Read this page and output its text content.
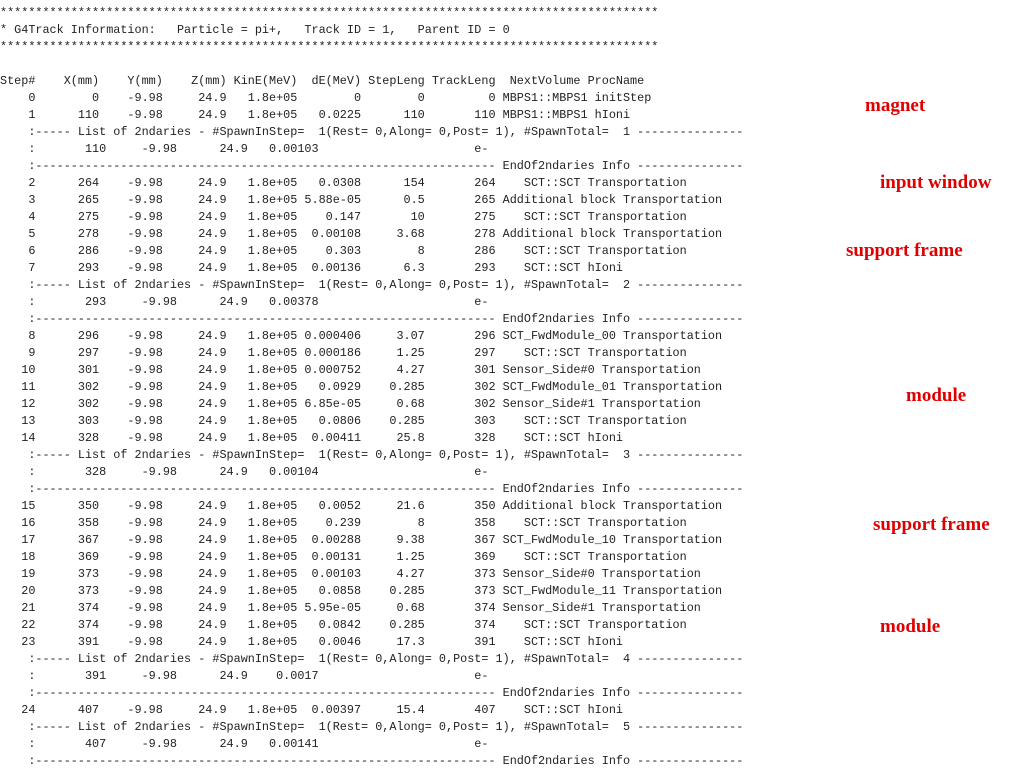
*********************************************************************************************
* G4Track Information:   Particle = pi+,   Track ID = 1,   Parent ID = 0
*********************************************************************************************
Step#    X(mm)    Y(mm)    Z(mm) KinE(MeV)  dE(MeV) StepLeng TrackLeng  NextVolume ProcName
0        0    -9.98     24.9   1.8e+05        0        0         0 MBPS1::MBPS1 initStep
1      110    -9.98     24.9   1.8e+05   0.0225      110       110 MBPS1::MBPS1 hIoni
:----- List of 2ndaries - #SpawnInStep=  1(Rest= 0,Along= 0,Post= 1), #SpawnTotal=  1 ---------------
:       110     -9.98      24.9   0.00103                      e-
:----------------------------------------------------------------- EndOf2ndaries Info ---------------
2      264    -9.98     24.9   1.8e+05   0.0308      154       264    SCT::SCT Transportation
3      265    -9.98     24.9   1.8e+05 5.88e-05      0.5       265 Additional block Transportation
4      275    -9.98     24.9   1.8e+05    0.147       10       275    SCT::SCT Transportation
5      278    -9.98     24.9   1.8e+05  0.00108     3.68       278 Additional block Transportation
6      286    -9.98     24.9   1.8e+05    0.303        8       286    SCT::SCT Transportation
7      293    -9.98     24.9   1.8e+05  0.00136      6.3       293    SCT::SCT hIoni
:----- List of 2ndaries - #SpawnInStep=  1(Rest= 0,Along= 0,Post= 1), #SpawnTotal=  2 ---------------
:       293     -9.98      24.9   0.00378                      e-
:----------------------------------------------------------------- EndOf2ndaries Info ---------------
8      296    -9.98     24.9   1.8e+05 0.000406     3.07       296 SCT_FwdModule_00 Transportation
9      297    -9.98     24.9   1.8e+05 0.000186     1.25       297    SCT::SCT Transportation
10      301    -9.98     24.9   1.8e+05 0.000752     4.27       301 Sensor_Side#0 Transportation
11      302    -9.98     24.9   1.8e+05   0.0929    0.285       302 SCT_FwdModule_01 Transportation
12      302    -9.98     24.9   1.8e+05 6.85e-05     0.68       302 Sensor_Side#1 Transportation
13      303    -9.98     24.9   1.8e+05   0.0806    0.285       303    SCT::SCT Transportation
14      328    -9.98     24.9   1.8e+05  0.00411     25.8       328    SCT::SCT hIoni
:----- List of 2ndaries - #SpawnInStep=  1(Rest= 0,Along= 0,Post= 1), #SpawnTotal=  3 ---------------
:       328     -9.98      24.9   0.00104                      e-
:----------------------------------------------------------------- EndOf2ndaries Info ---------------
15      350    -9.98     24.9   1.8e+05   0.0052     21.6       350 Additional block Transportation
16      358    -9.98     24.9   1.8e+05    0.239        8       358    SCT::SCT Transportation
17      367    -9.98     24.9   1.8e+05  0.00288     9.38       367 SCT_FwdModule_10 Transportation
18      369    -9.98     24.9   1.8e+05  0.00131     1.25       369    SCT::SCT Transportation
19      373    -9.98     24.9   1.8e+05  0.00103     4.27       373 Sensor_Side#0 Transportation
20      373    -9.98     24.9   1.8e+05   0.0858    0.285       373 SCT_FwdModule_11 Transportation
21      374    -9.98     24.9   1.8e+05 5.95e-05     0.68       374 Sensor_Side#1 Transportation
22      374    -9.98     24.9   1.8e+05   0.0842    0.285       374    SCT::SCT Transportation
23      391    -9.98     24.9   1.8e+05   0.0046     17.3       391    SCT::SCT hIoni
:----- List of 2ndaries - #SpawnInStep=  1(Rest= 0,Along= 0,Post= 1), #SpawnTotal=  4 ---------------
:       391     -9.98      24.9    0.0017                      e-
:----------------------------------------------------------------- EndOf2ndaries Info ---------------
24      407    -9.98     24.9   1.8e+05  0.00397     15.4       407    SCT::SCT hIoni
:----- List of 2ndaries - #SpawnInStep=  1(Rest= 0,Along= 0,Post= 1), #SpawnTotal=  5 ---------------
:       407     -9.98      24.9   0.00141                      e-
:----------------------------------------------------------------- EndOf2ndaries Info ---------------
magnet
input window
support frame
module
support frame
module
